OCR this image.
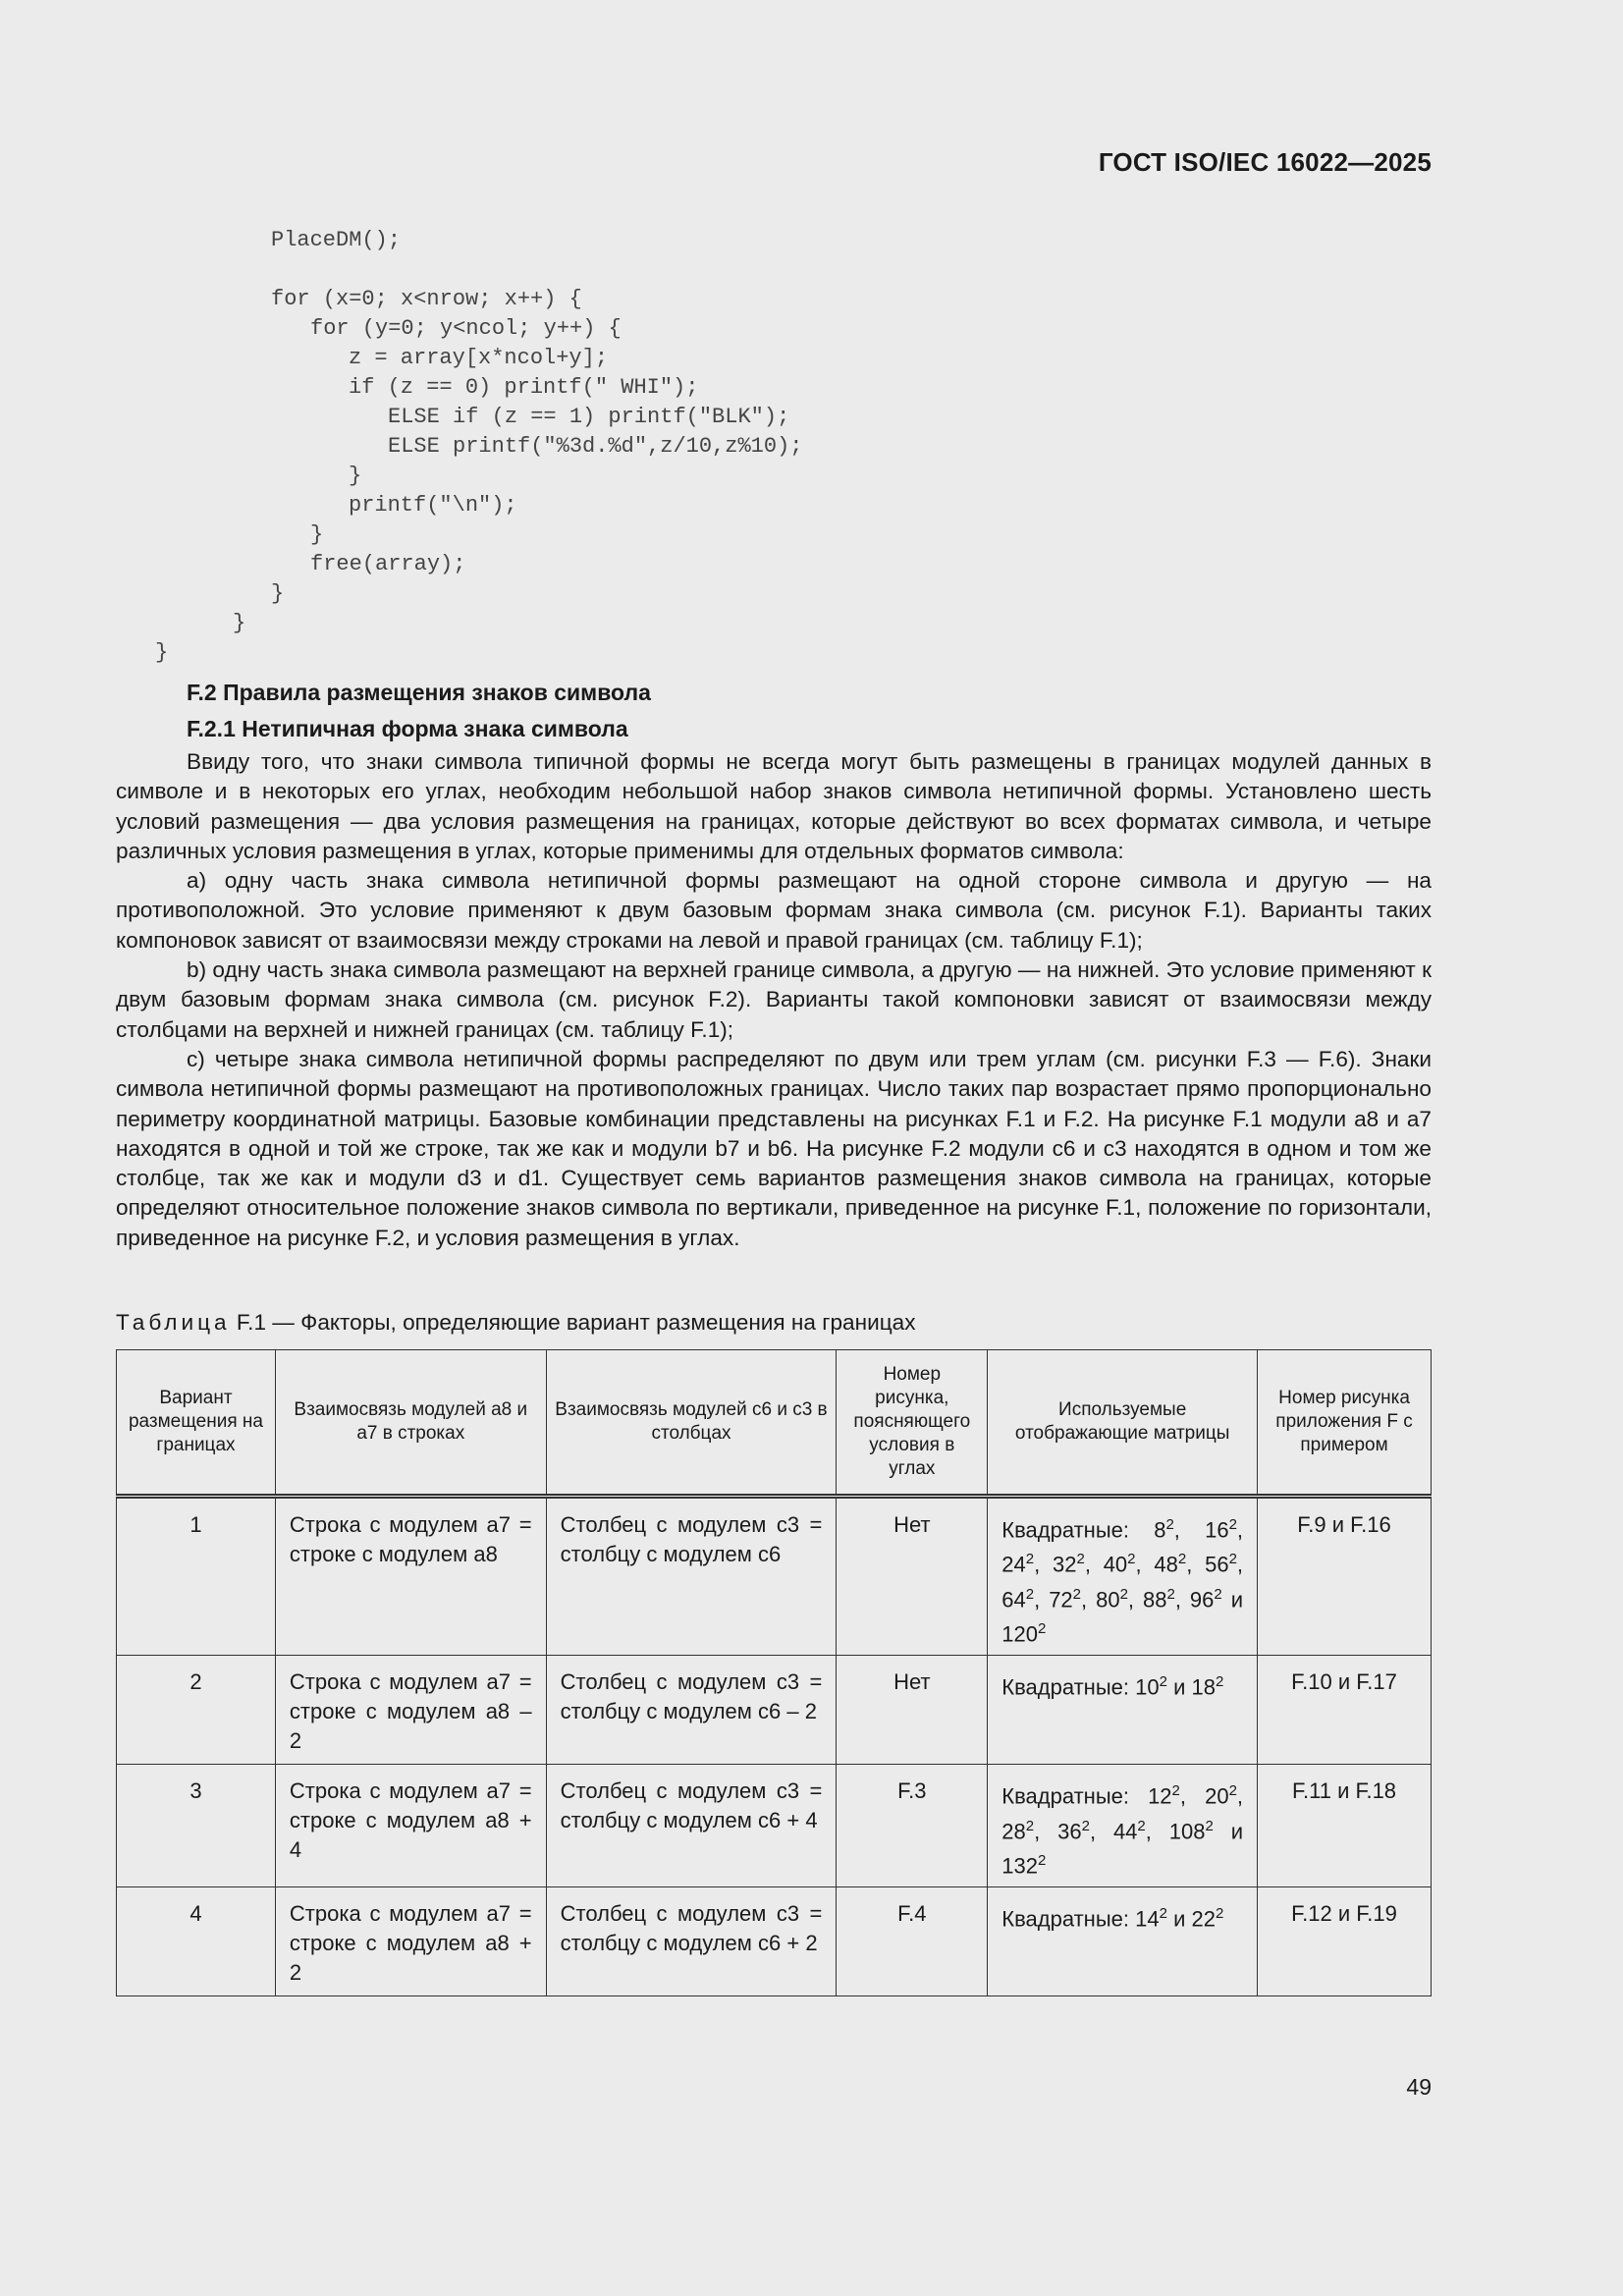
ГОСТ ISO/IEC 16022—2025
PlaceDM();
for (x=0; x<nrow; x++) {
for (y=0; y<ncol; y++) {
z = array[x*ncol+y];
if (z == 0) printf(" WHI");
ELSE if (z == 1) printf("BLK");
ELSE printf("%3d.%d",z/10,z%10);
}
printf("\n");
}
free(array);
}
}
}
F.2 Правила размещения знаков символа
F.2.1 Нетипичная форма знака символа

Ввиду того, что знаки символа типичной формы не всегда могут быть размещены в границах модулей данных в символе и в некоторых его углах, необходим небольшой набор знаков символа нетипичной формы. Установлено шесть условий размещения — два условия размещения на границах, которые действуют во всех форматах символа, и четыре различных условия размещения в углах, которые применимы для отдельных форматов символа:

a) одну часть знака символа нетипичной формы размещают на одной стороне символа и другую — на противоположной. Это условие применяют к двум базовым формам знака символа (см. рисунок F.1). Варианты таких компоновок зависят от взаимосвязи между строками на левой и правой границах (см. таблицу F.1);

b) одну часть знака символа размещают на верхней границе символа, а другую — на нижней. Это условие применяют к двум базовым формам знака символа (см. рисунок F.2). Варианты такой компоновки зависят от взаимосвязи между столбцами на верхней и нижней границах (см. таблицу F.1);

c) четыре знака символа нетипичной формы распределяют по двум или трем углам (см. рисунки F.3 — F.6). Знаки символа нетипичной формы размещают на противоположных границах. Число таких пар возрастает прямо пропорционально периметру координатной матрицы. Базовые комбинации представлены на рисунках F.1 и F.2. На рисунке F.1 модули a8 и a7 находятся в одной и той же строке, так же как и модули b7 и b6. На рисунке F.2 модули c6 и c3 находятся в одном и том же столбце, так же как и модули d3 и d1. Существует семь вариантов размещения знаков символа на границах, которые определяют относительное положение знаков символа по вертикали, приведенное на рисунке F.1, положение по горизонтали, приведенное на рисунке F.2, и условия размещения в углах.

Таблица F.1 — Факторы, определяющие вариант размещения на границах
Вариант размещения на границах	Взаимосвязь модулей a8 и a7 в строках	Взаимосвязь модулей c6 и c3 в столбцах	Номер рисунка, поясняющего условия в углах	Используемые отображающие матрицы	Номер рисунка приложения F с примером
1	Строка с модулем a7 = строке с модулем a8	Столбец с модулем c3 = столбцу с модулем c6	Нет	Квадратные: $8^2$, $16^2$, $24^2$, $32^2$, $40^2$, $48^2$, $56^2$, $64^2$, $72^2$, $80^2$, $88^2$, $96^2$ и $120^2$	F.9 и F.16
2	Строка с модулем a7 = строке с модулем a8 – 2	Столбец с модулем c3 = столбцу с модулем c6 – 2	Нет	Квадратные: $10^2$ и $18^2$	F.10 и F.17
3	Строка с модулем a7 = строке с модулем a8 + 4	Столбец с модулем c3 = столбцу с модулем c6 + 4	F.3	Квадратные: $12^2$, $20^2$, $28^2$, $36^2$, $44^2$, $108^2$ и $132^2$	F.11 и F.18
4	Строка с модулем a7 = строке с модулем a8 + 2	Столбец с модулем c3 = столбцу с модулем c6 + 2	F.4	Квадратные: $14^2$ и $22^2$	F.12 и F.19
49
